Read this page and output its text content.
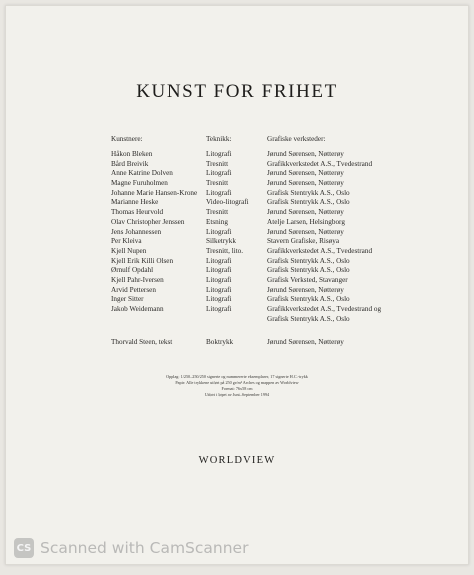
KUNST FOR FRIHET
Kunstnere:	Teknikk:	Grafiske verksteder:
Håkon Bleken	Litografi	Jørund Sørensen, Nøtterøy
Bård Breivik	Tresnitt	Grafikkverkstedet A.S., Tvedestrand
Anne Katrine Dolven	Litografi	Jørund Sørensen, Nøtterøy
Magne Furuholmen	Tresnitt	Jørund Sørensen, Nøtterøy
Johanne Marie Hansen-Krone Litografi	Grafisk Stentrykk A.S., Oslo
Marianne Heske	Video-litografi	Grafisk Stentrykk A.S., Oslo
Thomas Heurvold	Tresnitt	Jørund Sørensen, Nøtterøy
Olav Christopher Jenssen	Etsning	Atelje Larsen, Helsingborg
Jens Johannessen	Litografi	Jørund Sørensen, Nøtterøy
Per Kleiva	Silketrykk	Stavern Grafiske, Risøya
Kjell Nupen	Tresnitt, lito.	Grafikkverkstedet A.S., Tvedestrand
Kjell Erik Killi Olsen	Litografi	Grafisk Stentrykk A.S., Oslo
Ørnulf Opdahl	Litografi	Grafisk Stentrykk A.S., Oslo
Kjell Pahr-Iversen	Litografi	Grafisk Verksted, Stavanger
Arvid Pettersen	Litografi	Jørund Sørensen, Nøtterøy
Inger Sitter	Litografi	Grafisk Stentrykk A.S., Oslo
Jakob Weidemann	Litografi	Grafikkverkstedet A.S., Tvedestrand og
Grafisk Stentrykk A.S., Oslo
Thorvald Steen, tekst	Boktrykk	Jørund Sørensen, Nøtterøy
Opplag: 1/250–250/250 signerte og nummererte eksemplarer, 17 signerte H.C.-trykk
Papir: Alle trykkene utført på 250 gr/m² Arches og mappen av Worldview
Format: 76x58 cm
Utført i løpet av Juni–September 1994
WORLDVIEW
CS Scanned with CamScanner
